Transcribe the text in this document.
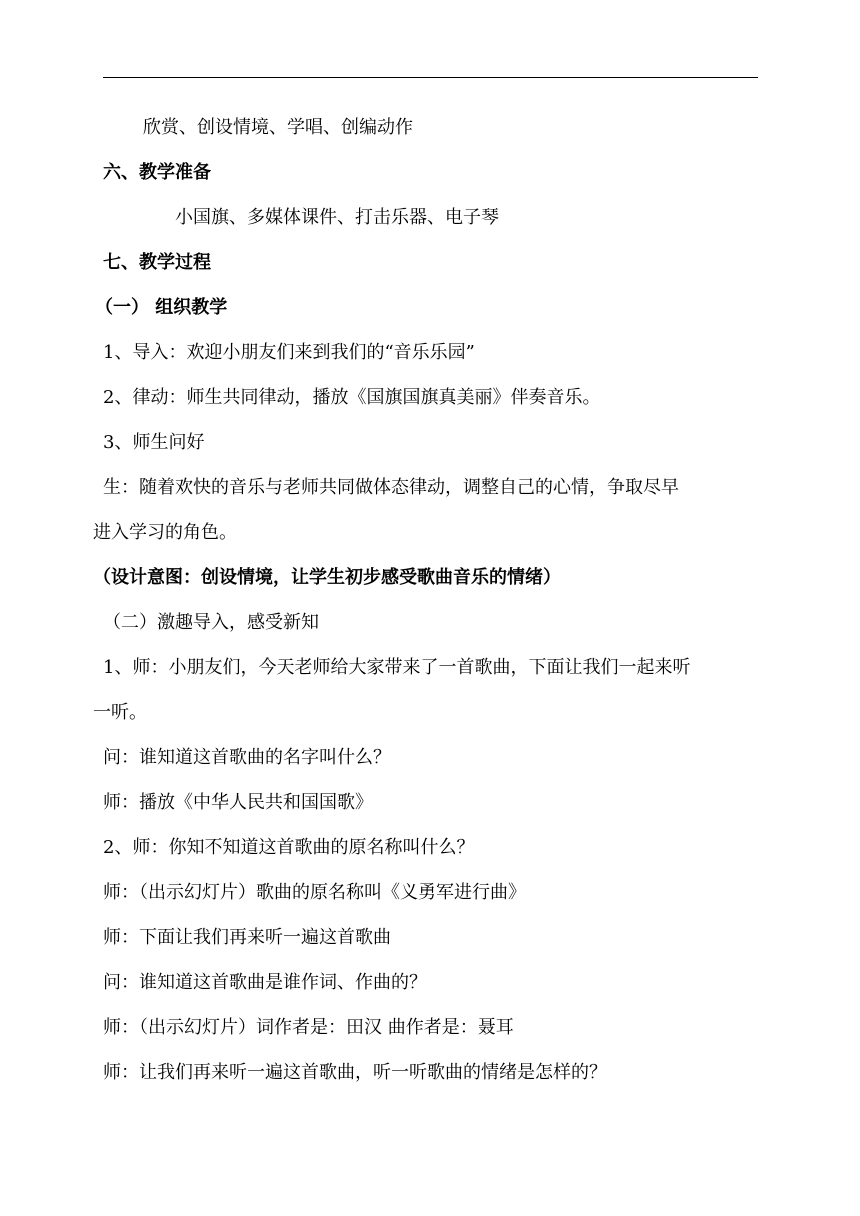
欣赏、创设情境、学唱、创编动作
六、教学准备
小国旗、多媒体课件、打击乐器、电子琴
七、教学过程
（一） 组织教学
1、导入：欢迎小朋友们来到我们的“音乐乐园”
2、律动：师生共同律动，播放《国旗国旗真美丽》伴奏音乐。
3、师生问好
生：随着欢快的音乐与老师共同做体态律动，调整自己的心情，争取尽早
进入学习的角色。
（设计意图：创设情境，让学生初步感受歌曲音乐的情绪）
（二）激趣导入，感受新知
1、师：小朋友们，今天老师给大家带来了一首歌曲，下面让我们一起来听
一听。
问：谁知道这首歌曲的名字叫什么？
师：播放《中华人民共和国国歌》
2、师：你知不知道这首歌曲的原名称叫什么？
师：（出示幻灯片）歌曲的原名称叫《义勇军进行曲》
师：下面让我们再来听一遍这首歌曲
问：谁知道这首歌曲是谁作词、作曲的？
师：（出示幻灯片）词作者是：田汉 曲作者是：聂耳
师：让我们再来听一遍这首歌曲，听一听歌曲的情绪是怎样的？
